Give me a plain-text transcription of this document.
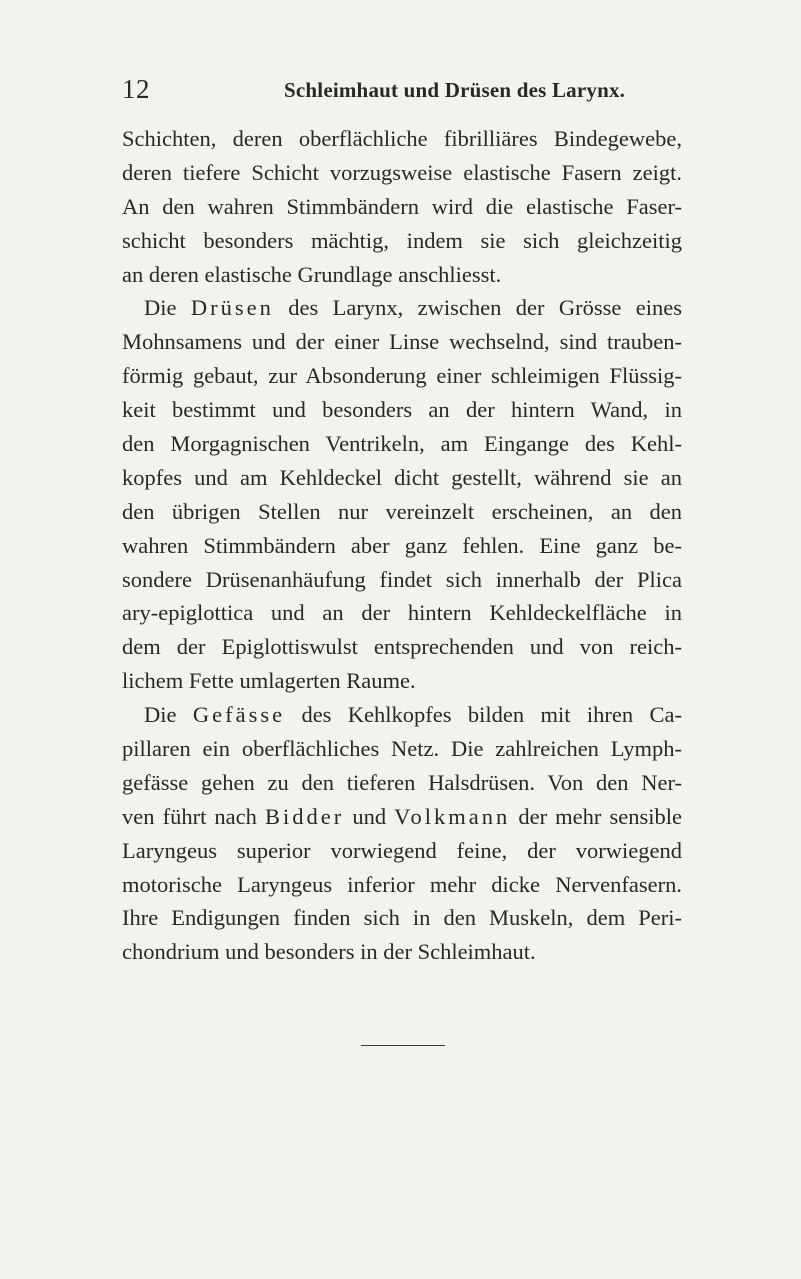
12	Schleimhaut und Drüsen des Larynx.
Schichten, deren oberflächliche fibrilliäres Bindegewebe,
deren tiefere Schicht vorzugsweise elastische Fasern zeigt.
An den wahren Stimmbändern wird die elastische Faser-
schicht besonders mächtig, indem sie sich gleichzeitig
an deren elastische Grundlage anschliesst.
Die Drüsen des Larynx, zwischen der Grösse eines
Mohnsamens und der einer Linse wechselnd, sind trauben-
förmig gebaut, zur Absonderung einer schleimigen Flüssig-
keit bestimmt und besonders an der hintern Wand, in
den Morgagnischen Ventrikeln, am Eingange des Kehl-
kopfes und am Kehldeckel dicht gestellt, während sie an
den übrigen Stellen nur vereinzelt erscheinen, an den
wahren Stimmbändern aber ganz fehlen. Eine ganz be-
sondere Drüsenanhäufung findet sich innerhalb der Plica
ary-epiglottica und an der hintern Kehldeckelfläche in
dem der Epiglottiswulst entsprechenden und von reich-
lichem Fette umlagerten Raume.
Die Gefässe des Kehlkopfes bilden mit ihren Ca-
pillaren ein oberflächliches Netz. Die zahlreichen Lymph-
gefässe gehen zu den tieferen Halsdrüsen. Von den Ner-
ven führt nach Bidder und Volkmann der mehr sensible
Laryngeus superior vorwiegend feine, der vorwiegend
motorische Laryngeus inferior mehr dicke Nervenfasern.
Ihre Endigungen finden sich in den Muskeln, dem Peri-
chondrium und besonders in der Schleimhaut.
